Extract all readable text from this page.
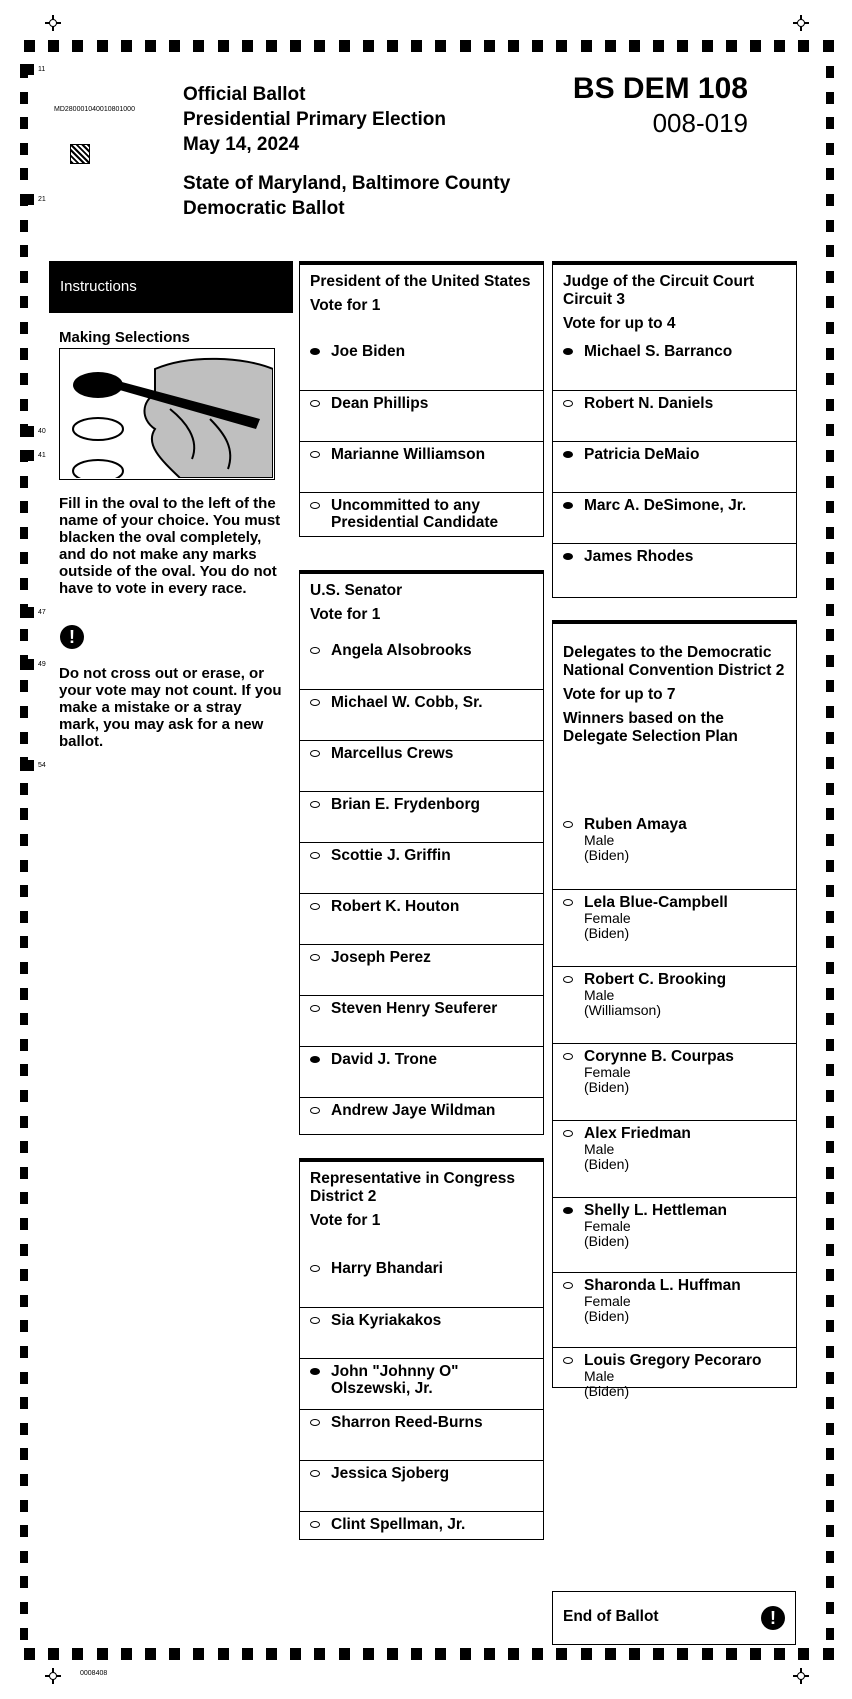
11
21
40
41
47
49
54
MD280001040010801000
Official Ballot
Presidential Primary Election
May 14, 2024
State of Maryland, Baltimore County
Democratic Ballot
BS DEM 108
008-019
Instructions
Making Selections
Fill in the oval to the left of the name of your choice. You must blacken the oval completely, and do not make any marks outside of the oval. You do not have to vote in every race.
!
Do not cross out or erase, or your vote may not count. If you make a mistake or a stray mark, you may ask for a new ballot.
President of the United States
Vote for 1
Joe Biden
Dean Phillips
Marianne Williamson
Uncommitted to any Presidential Candidate
U.S. Senator
Vote for 1
Angela Alsobrooks
Michael W. Cobb, Sr.
Marcellus Crews
Brian E. Frydenborg
Scottie J. Griffin
Robert K. Houton
Joseph Perez
Steven Henry Seuferer
David J. Trone
Andrew Jaye Wildman
Representative in Congress District 2
Vote for 1
Harry Bhandari
Sia Kyriakakos
John "Johnny O" Olszewski, Jr.
Sharron Reed-Burns
Jessica Sjoberg
Clint Spellman, Jr.
Judge of the Circuit Court Circuit 3
Vote for up to 4
Michael S. Barranco
Robert N. Daniels
Patricia DeMaio
Marc A. DeSimone, Jr.
James Rhodes
Delegates to the Democratic National Convention District 2
Vote for up to 7
Winners based on the Delegate Selection Plan
Ruben Amaya
Male
(Biden)
Lela Blue-Campbell
Female
(Biden)
Robert C. Brooking
Male
(Williamson)
Corynne B. Courpas
Female
(Biden)
Alex Friedman
Male
(Biden)
Shelly L. Hettleman
Female
(Biden)
Sharonda L. Huffman
Female
(Biden)
Louis Gregory Pecoraro
Male
(Biden)
End of Ballot	!
0008408
